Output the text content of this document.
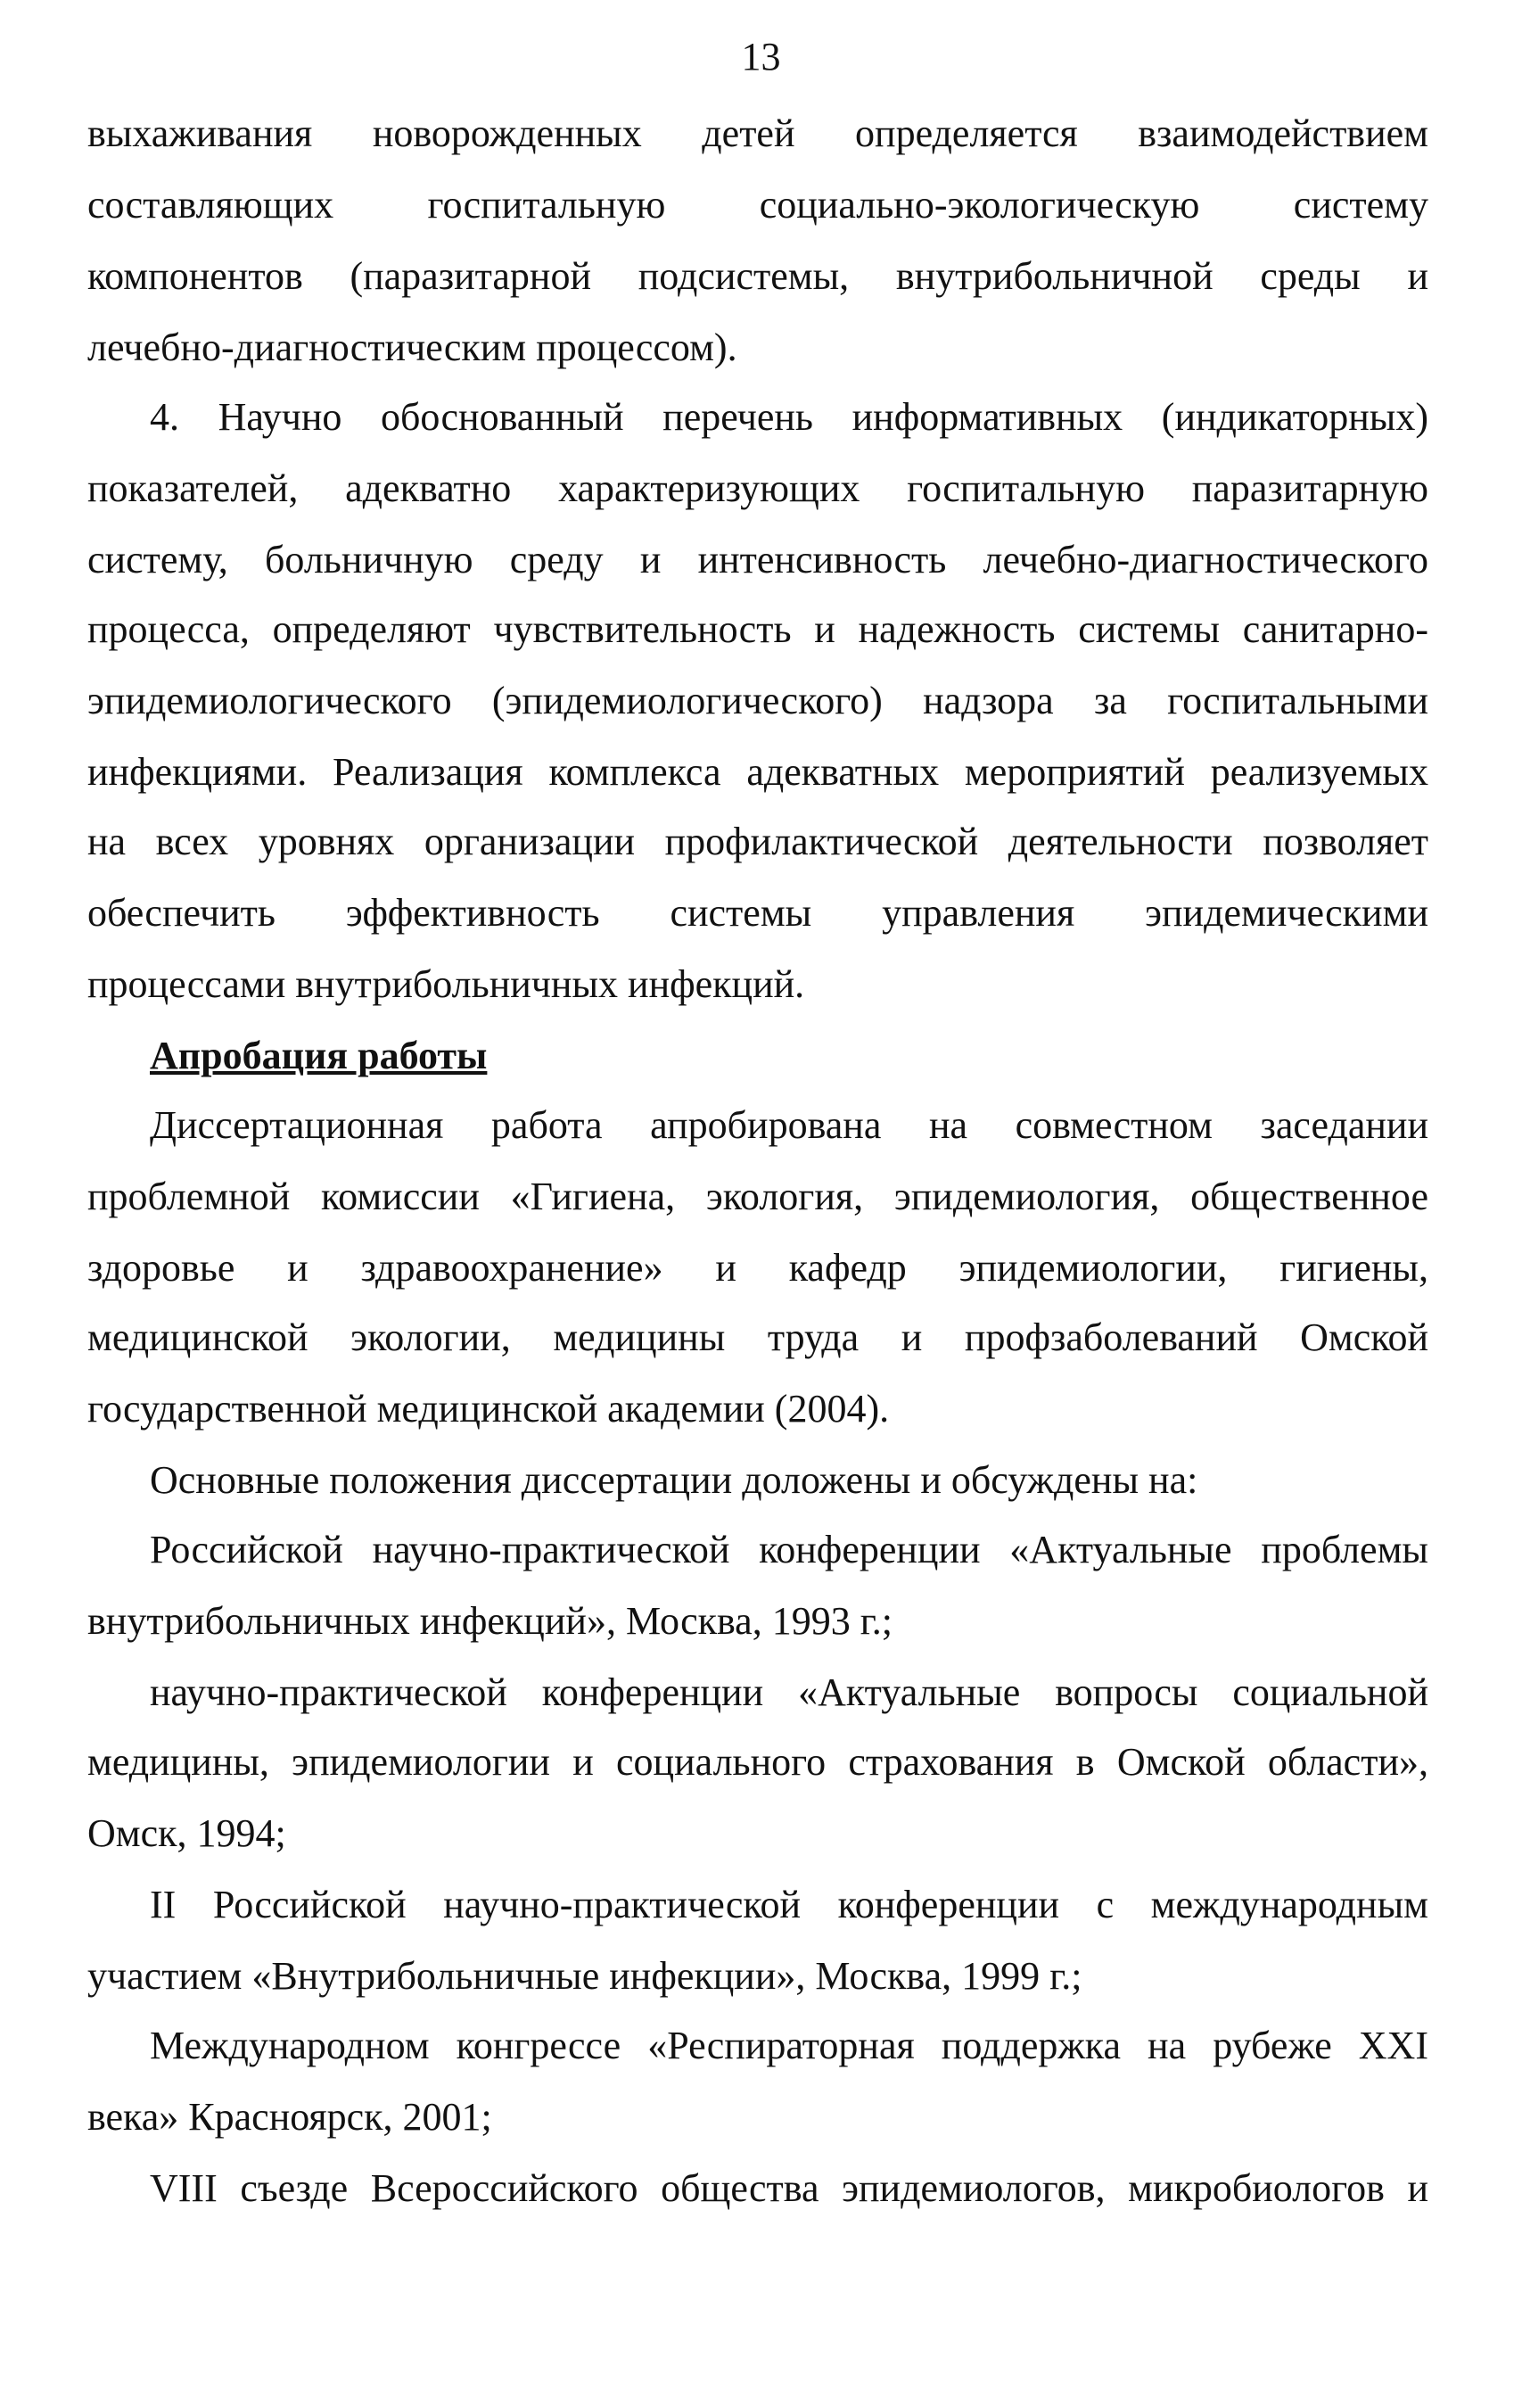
13
выхаживания новорожденных детей определяется взаимодействием
составляющих госпитальную социально-экологическую систему
компонентов (паразитарной подсистемы, внутрибольничной среды и
лечебно-диагностическим процессом).
4. Научно обоснованный перечень информативных (индикаторных)
показателей, адекватно характеризующих госпитальную паразитарную
систему, больничную среду и интенсивность лечебно-диагностического
процесса, определяют чувствительность и надежность системы санитарно-
эпидемиологического (эпидемиологического) надзора за госпитальными
инфекциями. Реализация комплекса адекватных мероприятий реализуемых
на всех уровнях организации профилактической деятельности позволяет
обеспечить эффективность системы управления эпидемическими
процессами внутрибольничных инфекций.
Апробация работы
Диссертационная работа апробирована на совместном заседании
проблемной комиссии «Гигиена, экология, эпидемиология, общественное
здоровье и здравоохранение» и кафедр эпидемиологии, гигиены,
медицинской экологии, медицины труда и профзаболеваний Омской
государственной медицинской академии (2004).
Основные положения диссертации доложены и обсуждены на:
Российской научно-практической конференции «Актуальные проблемы
внутрибольничных инфекций», Москва, 1993 г.;
научно-практической конференции «Актуальные вопросы социальной
медицины, эпидемиологии и социального страхования в Омской области»,
Омск, 1994;
II Российской научно-практической конференции с международным
участием «Внутрибольничные инфекции», Москва, 1999 г.;
Международном конгрессе «Респираторная поддержка на рубеже XXI
века» Красноярск, 2001;
VIII съезде Всероссийского общества эпидемиологов, микробиологов и
